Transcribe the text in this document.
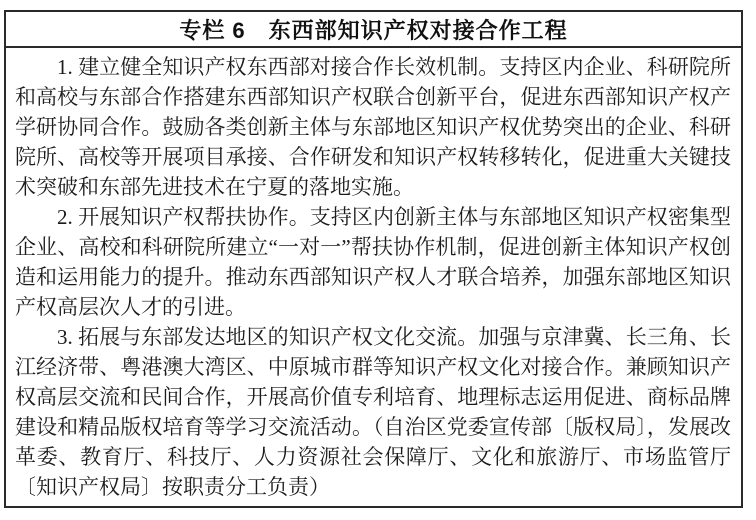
专栏 6　东西部知识产权对接合作工程

1. 建立健全知识产权东西部对接合作长效机制。支持区内企业、科研院所和高校与东部合作搭建东西部知识产权联合创新平台，促进东西部知识产权产学研协同合作。鼓励各类创新主体与东部地区知识产权优势突出的企业、科研院所、高校等开展项目承接、合作研发和知识产权转移转化，促进重大关键技术突破和东部先进技术在宁夏的落地实施。

2. 开展知识产权帮扶协作。支持区内创新主体与东部地区知识产权密集型企业、高校和科研院所建立“一对一”帮扶协作机制，促进创新主体知识产权创造和运用能力的提升。推动东西部知识产权人才联合培养，加强东部地区知识产权高层次人才的引进。

3. 拓展与东部发达地区的知识产权文化交流。加强与京津冀、长三角、长江经济带、粤港澳大湾区、中原城市群等知识产权文化对接合作。兼顾知识产权高层交流和民间合作，开展高价值专利培育、地理标志运用促进、商标品牌建设和精品版权培育等学习交流活动。（自治区党委宣传部〔版权局〕，发展改革委、教育厅、科技厅、人力资源社会保障厅、文化和旅游厅、市场监管厅〔知识产权局〕按职责分工负责）
